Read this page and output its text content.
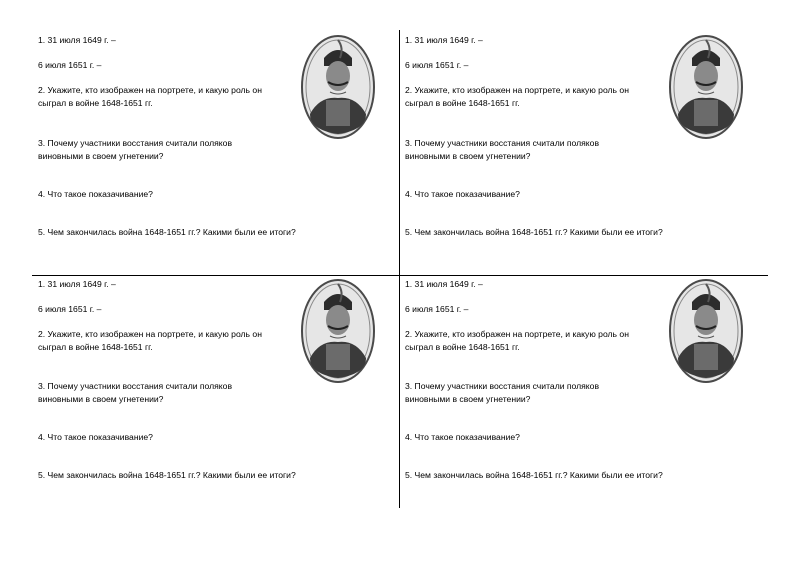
1. 31 июля 1649 г. –
6 июля 1651 г. –
2. Укажите, кто изображен на портрете, и какую роль он
сыграл в войне 1648-1651 гг.
3. Почему участники восстания считали поляков
виновными в своем угнетении?
4. Что такое показачивание?
5. Чем закончилась война 1648-1651 гг.? Какими были ее итоги?
1. 31 июля 1649 г. –
6 июля 1651 г. –
2. Укажите, кто изображен на портрете, и какую роль он
сыграл в войне 1648-1651 гг.
3. Почему участники восстания считали поляков
виновными в своем угнетении?
4. Что такое показачивание?
5. Чем закончилась война 1648-1651 гг.? Какими были ее итоги?
1. 31 июля 1649 г. –
6 июля 1651 г. –
2. Укажите, кто изображен на портрете, и какую роль он
сыграл в войне 1648-1651 гг.
3. Почему участники восстания считали поляков
виновными в своем угнетении?
4. Что такое показачивание?
5. Чем закончилась война 1648-1651 гг.? Какими были ее итоги?
1. 31 июля 1649 г. –
6 июля 1651 г. –
2. Укажите, кто изображен на портрете, и какую роль он
сыграл в войне 1648-1651 гг.
3. Почему участники восстания считали поляков
виновными в своем угнетении?
4. Что такое показачивание?
5. Чем закончилась война 1648-1651 гг.? Какими были ее итоги?
